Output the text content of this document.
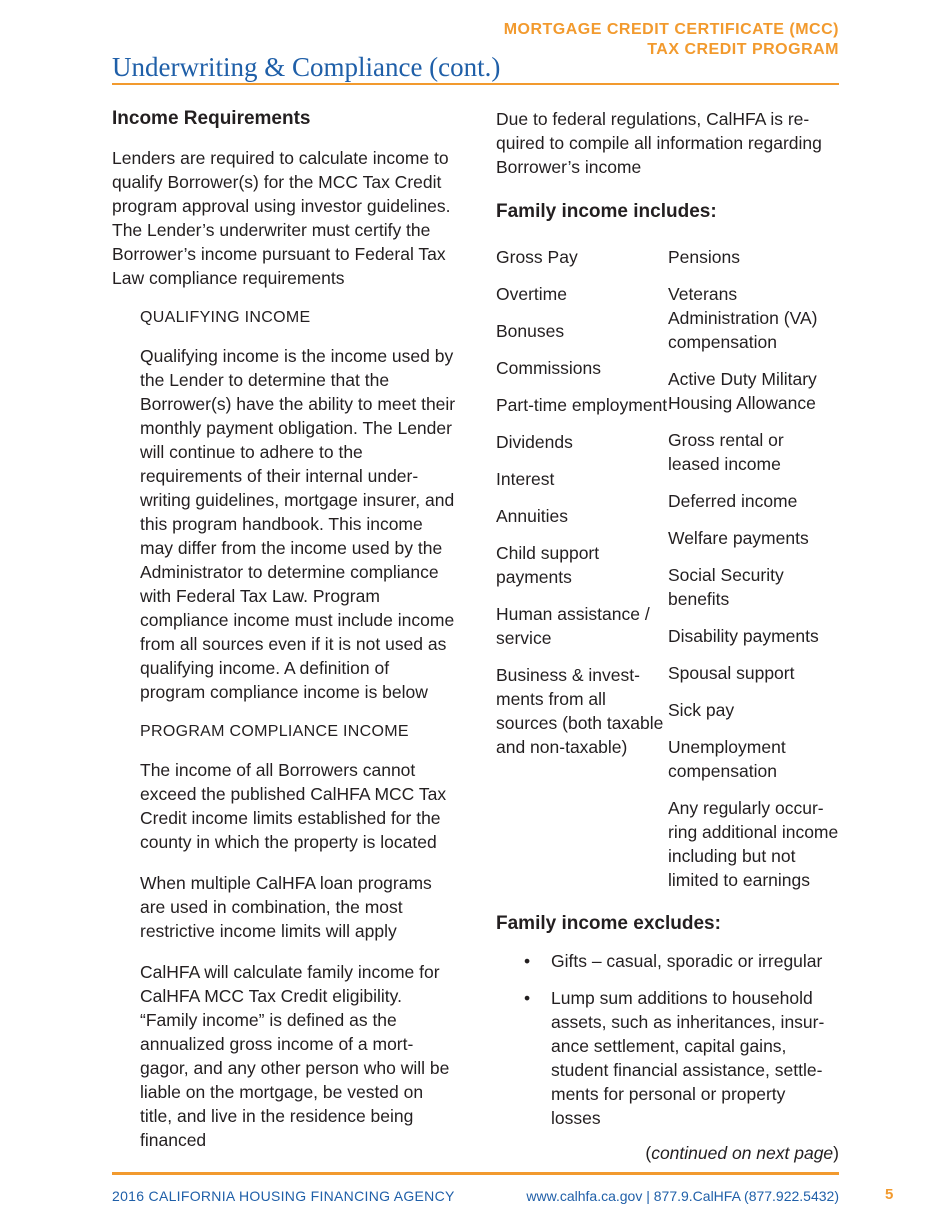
MORTGAGE CREDIT CERTIFICATE (MCC)
TAX CREDIT PROGRAM
Underwriting & Compliance (cont.)
Income Requirements

Lenders are required to calculate income to qualify Borrower(s) for the MCC Tax Credit program approval using investor guidelines. The Lender’s underwriter must certify the Borrower’s income pursuant to Federal Tax Law compliance requirements

QUALIFYING INCOME

Qualifying income is the income used by the Lender to determine that the Borrower(s) have the ability to meet their monthly payment obligation. The Lender will continue to adhere to the requirements of their internal under-writing guidelines, mortgage insurer, and this program handbook. This income may differ from the income used by the Administrator to determine compliance with Federal Tax Law. Program compliance income must include income from all sources even if it is not used as qualifying income. A definition of program compliance income is below

PROGRAM COMPLIANCE INCOME

The income of all Borrowers cannot exceed the published CalHFA MCC Tax Credit income limits established for the county in which the property is located

When multiple CalHFA loan programs are used in combination, the most restrictive income limits will apply

CalHFA will calculate family income for CalHFA MCC Tax Credit eligibility. “Family income” is defined as the annualized gross income of a mort-gagor, and any other person who will be liable on the mortgage, be vested on title, and live in the residence being financed

Due to federal regulations, CalHFA is re-quired to compile all information regarding Borrower’s income

Family income includes:
Gross Pay
Overtime
Bonuses
Commissions
Part-time employment
Dividends
Interest
Annuities
Child support payments
Human assistance / service
Business & invest-ments from all sources (both taxable and non-taxable)
Pensions
Veterans Administration (VA) compensation
Active Duty Military Housing Allowance
Gross rental or leased income
Deferred income
Welfare payments
Social Security benefits
Disability payments
Spousal support
Sick pay
Unemployment compensation
Any regularly occur-ring additional income including but not limited to earnings
Family income excludes:
•	Gifts – casual, sporadic or irregular
•	Lump sum additions to household assets, such as inheritances, insur-ance settlement, capital gains, student financial assistance, settle-ments for personal or property losses
(continued on next page)
2016 CALIFORNIA HOUSING FINANCING AGENCY	www.calhfa.ca.gov | 877.9.CalHFA (877.922.5432)	5
